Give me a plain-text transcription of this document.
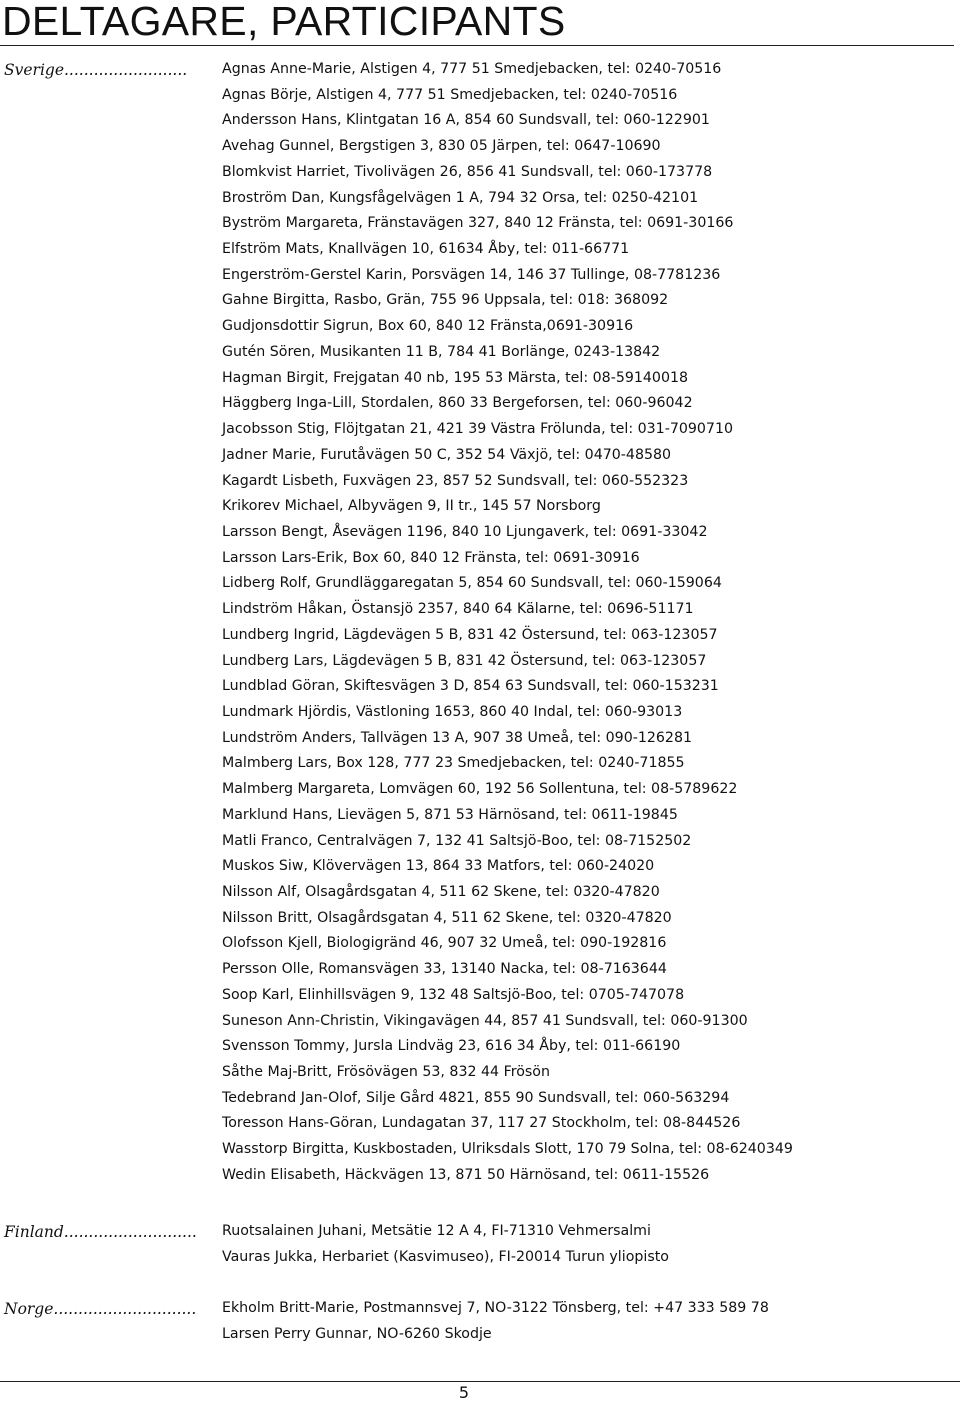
DELTAGARE, PARTICIPANTS
Sverige......................... Agnas Anne-Marie, Alstigen 4, 777 51 Smedjebacken, tel: 0240-70516
Agnas Börje, Alstigen 4, 777 51 Smedjebacken, tel: 0240-70516
Andersson Hans, Klintgatan 16 A, 854 60 Sundsvall, tel: 060-122901
Avehag Gunnel, Bergstigen 3, 830 05 Järpen, tel: 0647-10690
Blomkvist Harriet, Tivolivägen 26, 856 41 Sundsvall, tel: 060-173778
Broström Dan, Kungsfågelvägen 1 A, 794 32 Orsa, tel: 0250-42101
Byström Margareta, Fränstavägen 327, 840 12 Fränsta, tel: 0691-30166
Elfström Mats, Knallvägen 10, 61634 Åby, tel: 011-66771
Engerström-Gerstel Karin, Porsvägen 14, 146 37 Tullinge, 08-7781236
Gahne Birgitta, Rasbo, Grän, 755 96 Uppsala, tel: 018: 368092
Gudjonsdottir Sigrun, Box 60, 840 12 Fränsta,0691-30916
Gutén Sören, Musikanten 11 B, 784 41 Borlänge, 0243-13842
Hagman Birgit, Frejgatan 40 nb, 195 53 Märsta, tel: 08-59140018
Häggberg Inga-Lill, Stordalen, 860 33 Bergeforsen, tel: 060-96042
Jacobsson Stig, Flöjtgatan 21, 421 39 Västra Frölunda, tel: 031-7090710
Jadner Marie, Furutåvägen 50 C, 352 54 Växjö, tel: 0470-48580
Kagardt Lisbeth, Fuxvägen 23, 857 52 Sundsvall, tel: 060-552323
Krikorev Michael, Albyvägen 9, II tr., 145 57 Norsborg
Larsson Bengt, Åsevägen 1196, 840 10 Ljungaverk, tel: 0691-33042
Larsson Lars-Erik, Box 60, 840 12 Fränsta, tel: 0691-30916
Lidberg Rolf, Grundläggaregatan 5, 854 60 Sundsvall, tel: 060-159064
Lindström Håkan, Östansjö 2357, 840 64 Kälarne, tel: 0696-51171
Lundberg Ingrid, Lägdevägen 5 B, 831 42 Östersund, tel: 063-123057
Lundberg Lars, Lägdevägen 5 B, 831 42 Östersund, tel: 063-123057
Lundblad Göran, Skiftesvägen 3 D, 854 63 Sundsvall, tel: 060-153231
Lundmark Hjördis, Västloning 1653, 860 40 Indal, tel: 060-93013
Lundström Anders, Tallvägen 13 A, 907 38 Umeå, tel: 090-126281
Malmberg Lars, Box 128, 777 23 Smedjebacken, tel: 0240-71855
Malmberg Margareta, Lomvägen 60, 192 56 Sollentuna, tel: 08-5789622
Marklund Hans, Lievägen 5, 871 53 Härnösand, tel: 0611-19845
Matli Franco, Centralvägen 7, 132 41 Saltsjö-Boo, tel: 08-7152502
Muskos Siw, Klövervägen 13, 864 33 Matfors, tel: 060-24020
Nilsson Alf, Olsagårdsgatan 4, 511 62 Skene, tel: 0320-47820
Nilsson Britt, Olsagårdsgatan 4, 511 62 Skene, tel: 0320-47820
Olofsson Kjell, Biologigränd 46, 907 32 Umeå, tel: 090-192816
Persson Olle, Romansvägen 33, 13140 Nacka, tel: 08-7163644
Soop Karl, Elinhillsvägen 9, 132 48 Saltsjö-Boo, tel: 0705-747078
Suneson Ann-Christin, Vikingavägen 44, 857 41 Sundsvall, tel: 060-91300
Svensson Tommy, Jursla Lindväg 23, 616 34 Åby, tel: 011-66190
Såthe Maj-Britt, Frösövägen 53, 832 44 Frösön
Tedebrand Jan-Olof, Silje Gård 4821, 855 90 Sundsvall, tel: 060-563294
Toresson Hans-Göran, Lundagatan 37, 117 27 Stockholm, tel: 08-844526
Wasstorp Birgitta, Kuskbostaden, Ulriksdals Slott, 170 79 Solna, tel: 08-6240349
Wedin Elisabeth, Häckvägen 13, 871 50 Härnösand, tel: 0611-15526
Finland........................... Ruotsalainen Juhani, Metsätie 12 A 4, FI-71310 Vehmersalmi
Vauras Jukka, Herbariet (Kasvimuseo), FI-20014 Turun yliopisto
Norge............................. Ekholm Britt-Marie, Postmannsvej 7, NO-3122 Tönsberg, tel: +47 333 589 78
Larsen Perry Gunnar, NO-6260 Skodje
5
